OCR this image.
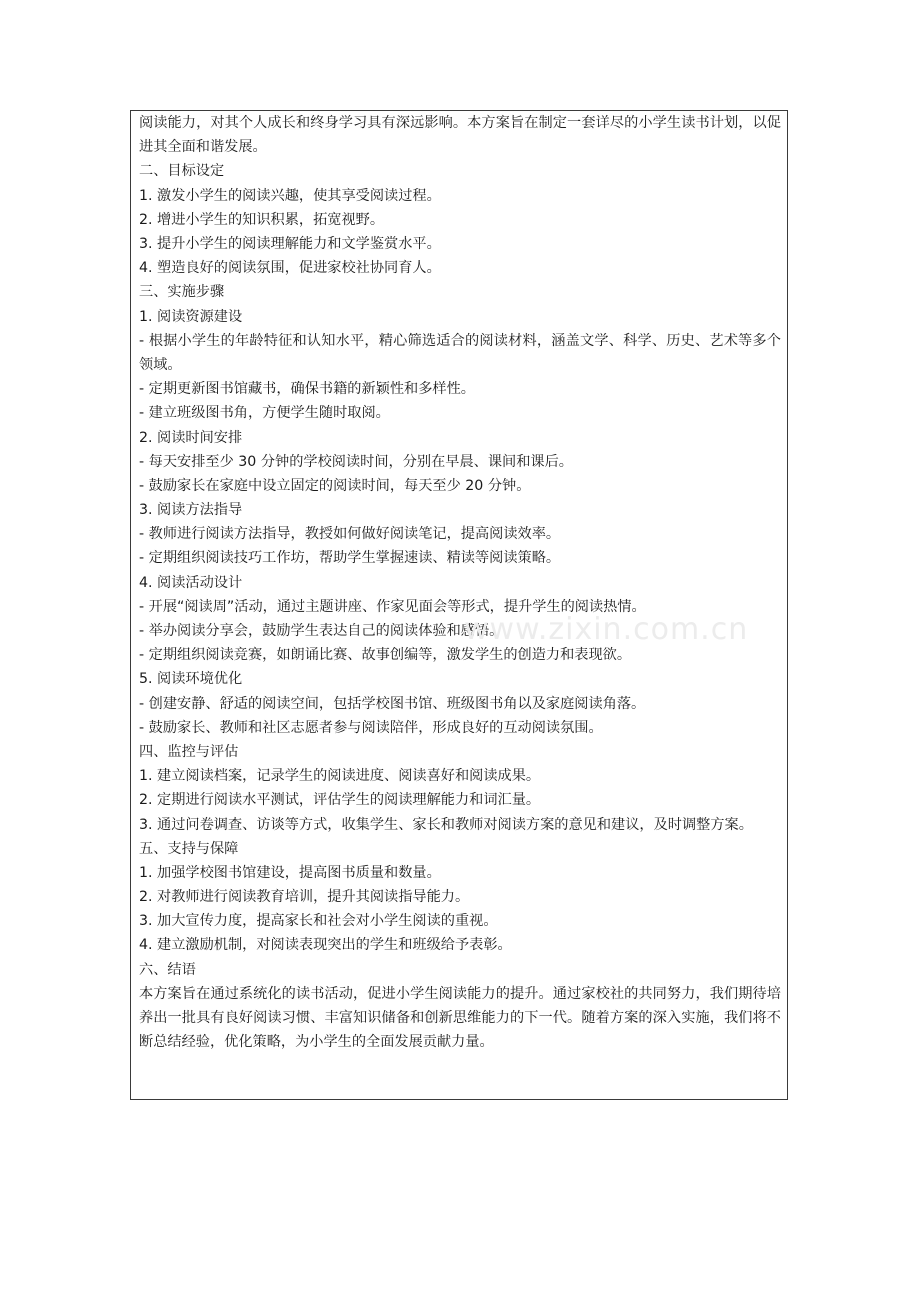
阅读能力，对其个人成长和终身学习具有深远影响。本方案旨在制定一套详尽的小学生读书计划，以促进其全面和谐发展。
二、目标设定
1. 激发小学生的阅读兴趣，使其享受阅读过程。
2. 增进小学生的知识积累，拓宽视野。
3. 提升小学生的阅读理解能力和文学鉴赏水平。
4. 塑造良好的阅读氛围，促进家校社协同育人。
三、实施步骤
1. 阅读资源建设
- 根据小学生的年龄特征和认知水平，精心筛选适合的阅读材料，涵盖文学、科学、历史、艺术等多个领域。
- 定期更新图书馆藏书，确保书籍的新颖性和多样性。
- 建立班级图书角，方便学生随时取阅。
2. 阅读时间安排
- 每天安排至少 30 分钟的学校阅读时间，分别在早晨、课间和课后。
- 鼓励家长在家庭中设立固定的阅读时间，每天至少 20 分钟。
3. 阅读方法指导
- 教师进行阅读方法指导，教授如何做好阅读笔记，提高阅读效率。
- 定期组织阅读技巧工作坊，帮助学生掌握速读、精读等阅读策略。
4. 阅读活动设计
- 开展“阅读周”活动，通过主题讲座、作家见面会等形式，提升学生的阅读热情。
- 举办阅读分享会，鼓励学生表达自己的阅读体验和感悟。
- 定期组织阅读竞赛，如朗诵比赛、故事创编等，激发学生的创造力和表现欲。
5. 阅读环境优化
- 创建安静、舒适的阅读空间，包括学校图书馆、班级图书角以及家庭阅读角落。
- 鼓励家长、教师和社区志愿者参与阅读陪伴，形成良好的互动阅读氛围。
四、监控与评估
1. 建立阅读档案，记录学生的阅读进度、阅读喜好和阅读成果。
2. 定期进行阅读水平测试，评估学生的阅读理解能力和词汇量。
3. 通过问卷调查、访谈等方式，收集学生、家长和教师对阅读方案的意见和建议，及时调整方案。
五、支持与保障
1. 加强学校图书馆建设，提高图书质量和数量。
2. 对教师进行阅读教育培训，提升其阅读指导能力。
3. 加大宣传力度，提高家长和社会对小学生阅读的重视。
4. 建立激励机制，对阅读表现突出的学生和班级给予表彰。
六、结语
本方案旨在通过系统化的读书活动，促进小学生阅读能力的提升。通过家校社的共同努力，我们期待培养出一批具有良好阅读习惯、丰富知识储备和创新思维能力的下一代。随着方案的深入实施，我们将不断总结经验，优化策略，为小学生的全面发展贡献力量。
www.zixin.com.cn
